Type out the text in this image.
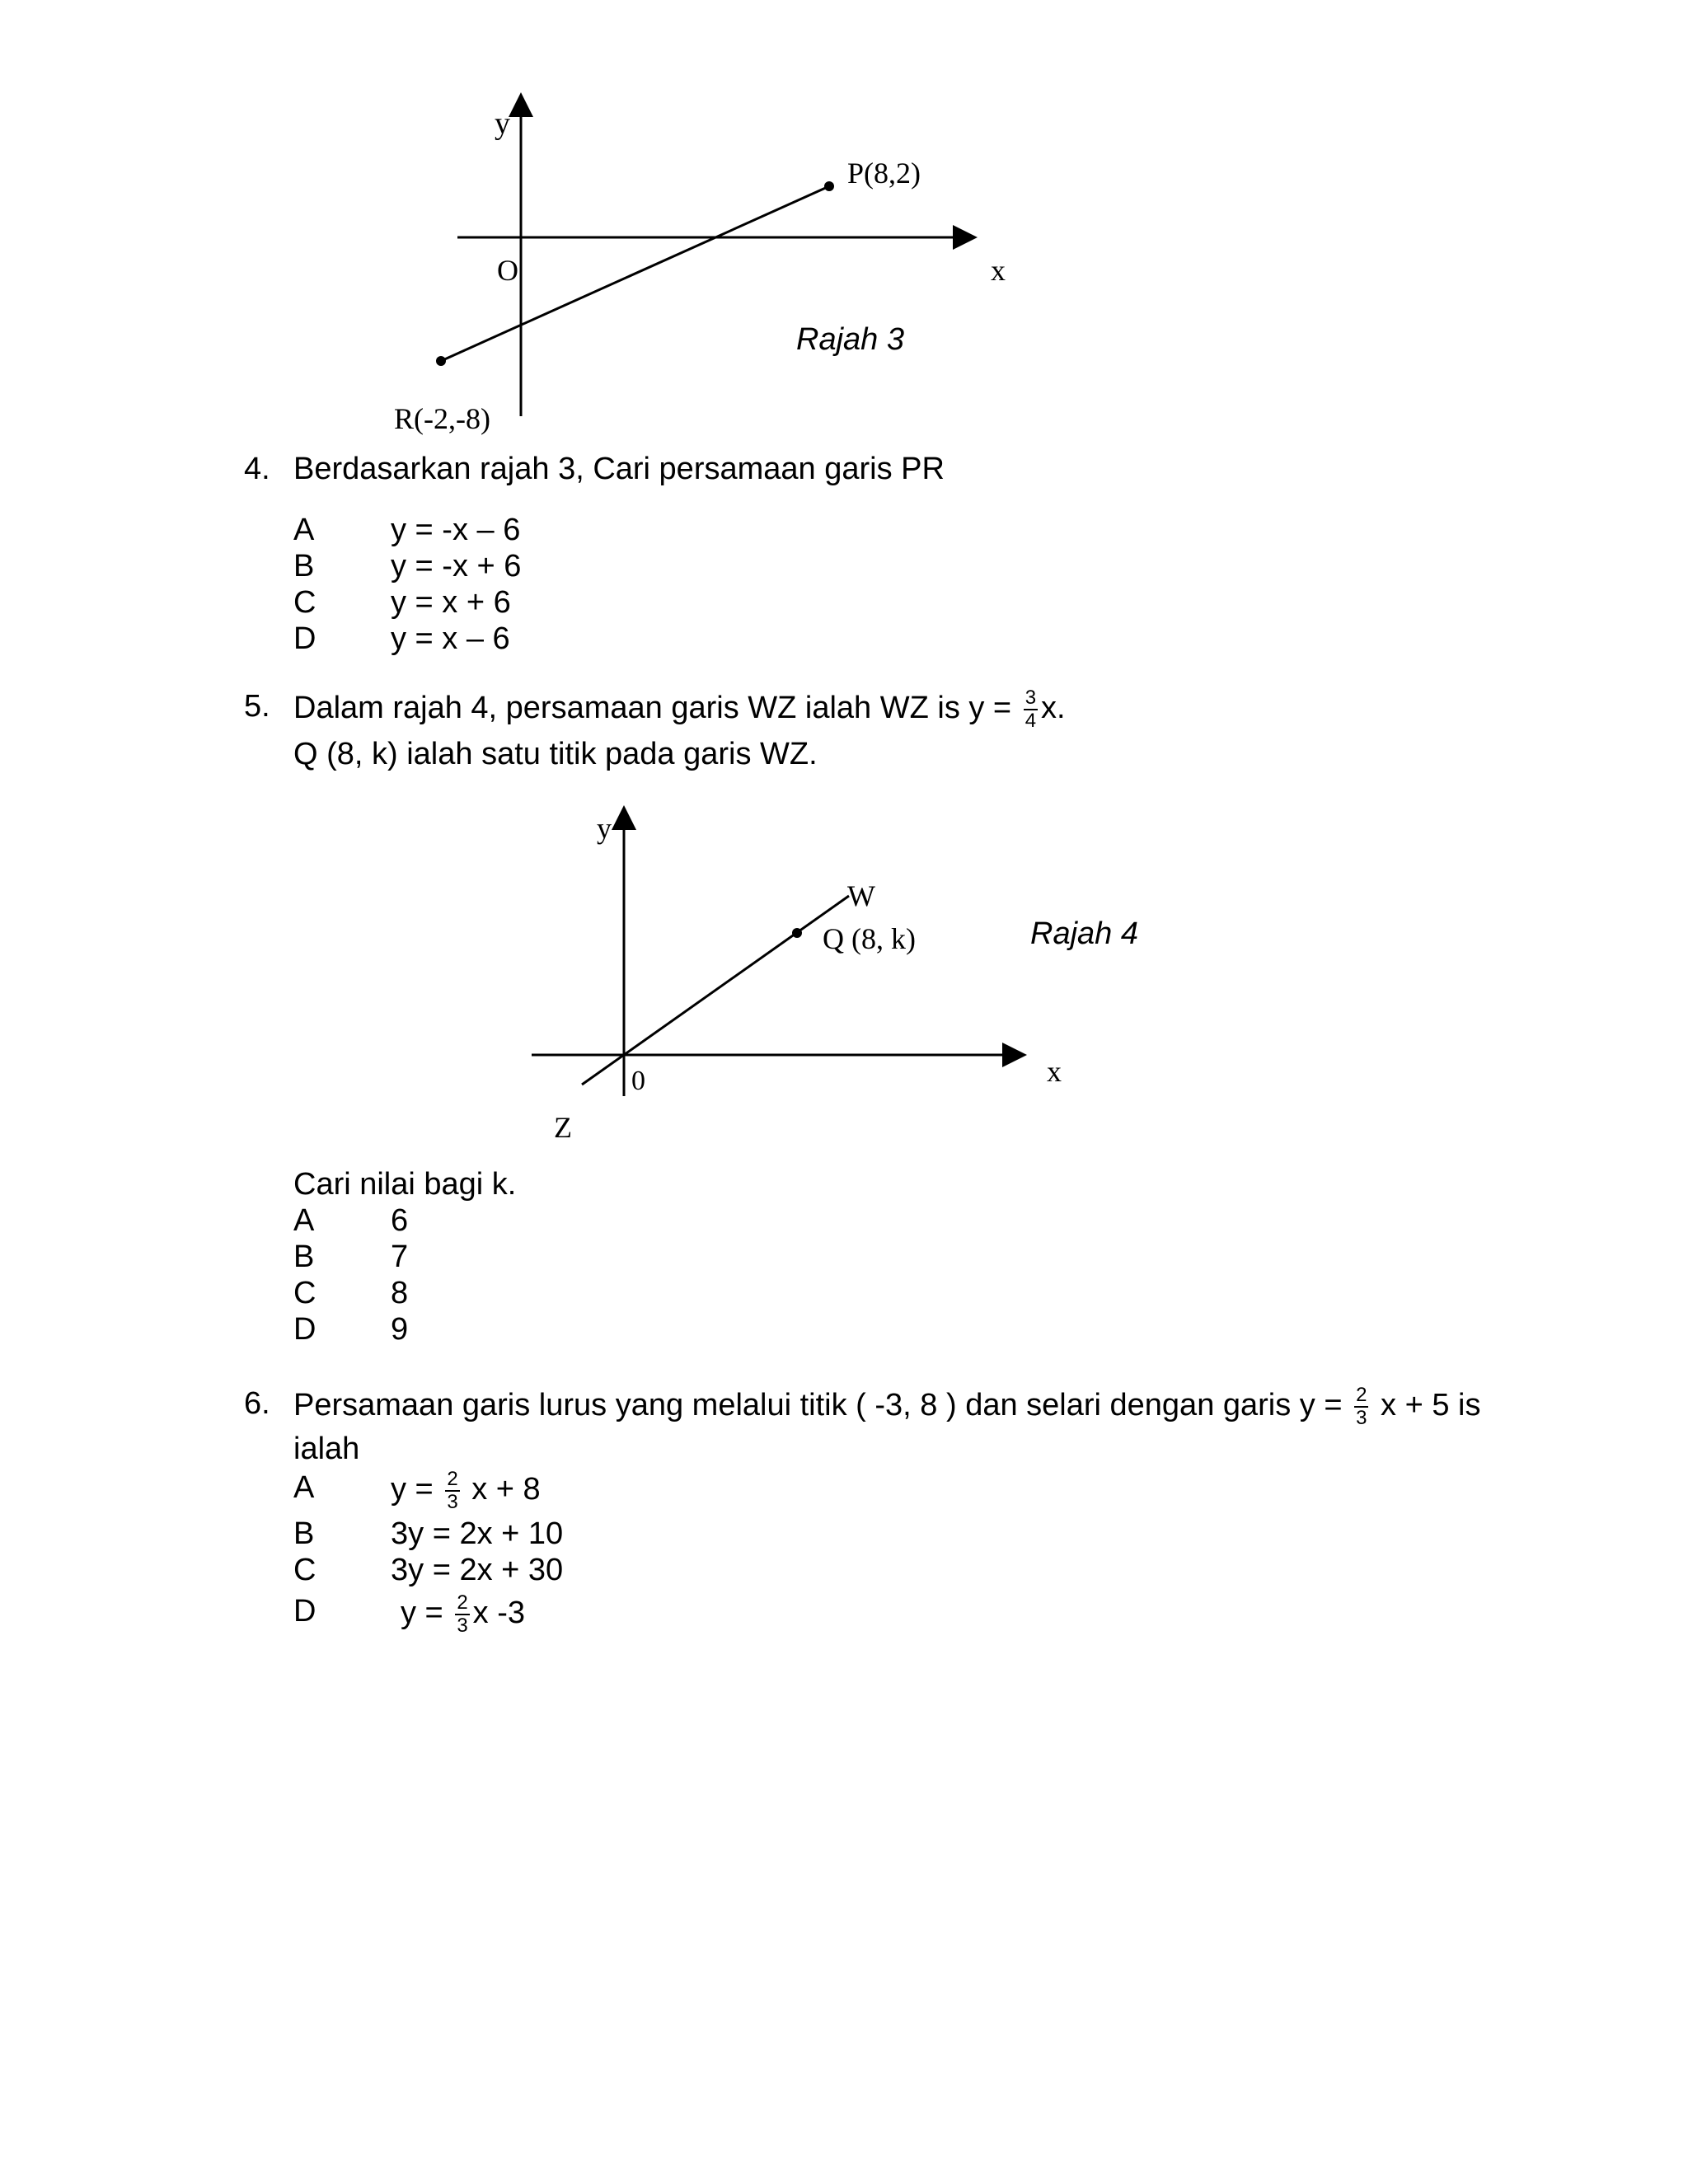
y
O	x
P(8,2)
R(-2,-8)
Rajah 3
4. Berdasarkan rajah 3, Cari persamaan garis PR
A y = -x – 6
B y = -x + 6
C y = x + 6
D y = x – 6
5. Dalam rajah 4, persamaan garis WZ ialah WZ is $y = \frac{3}{4} x$.
Q (8, k) ialah satu titik pada garis WZ.
y
0	x
W
Q (8, k)
Z
Rajah 4
Cari nilai bagi k.
A 6
B 7
C 8
D 9
6. Persamaan garis lurus yang melalui titik ( -3, 8 ) dan selari dengan garis $y = \frac{2}{3}$ x + 5 is
ialah
A $y = \frac{2}{3}$ x + 8
B 3y = 2x + 10
C 3y = 2x + 30
D	$y = \frac{2}{3}$ x -3
